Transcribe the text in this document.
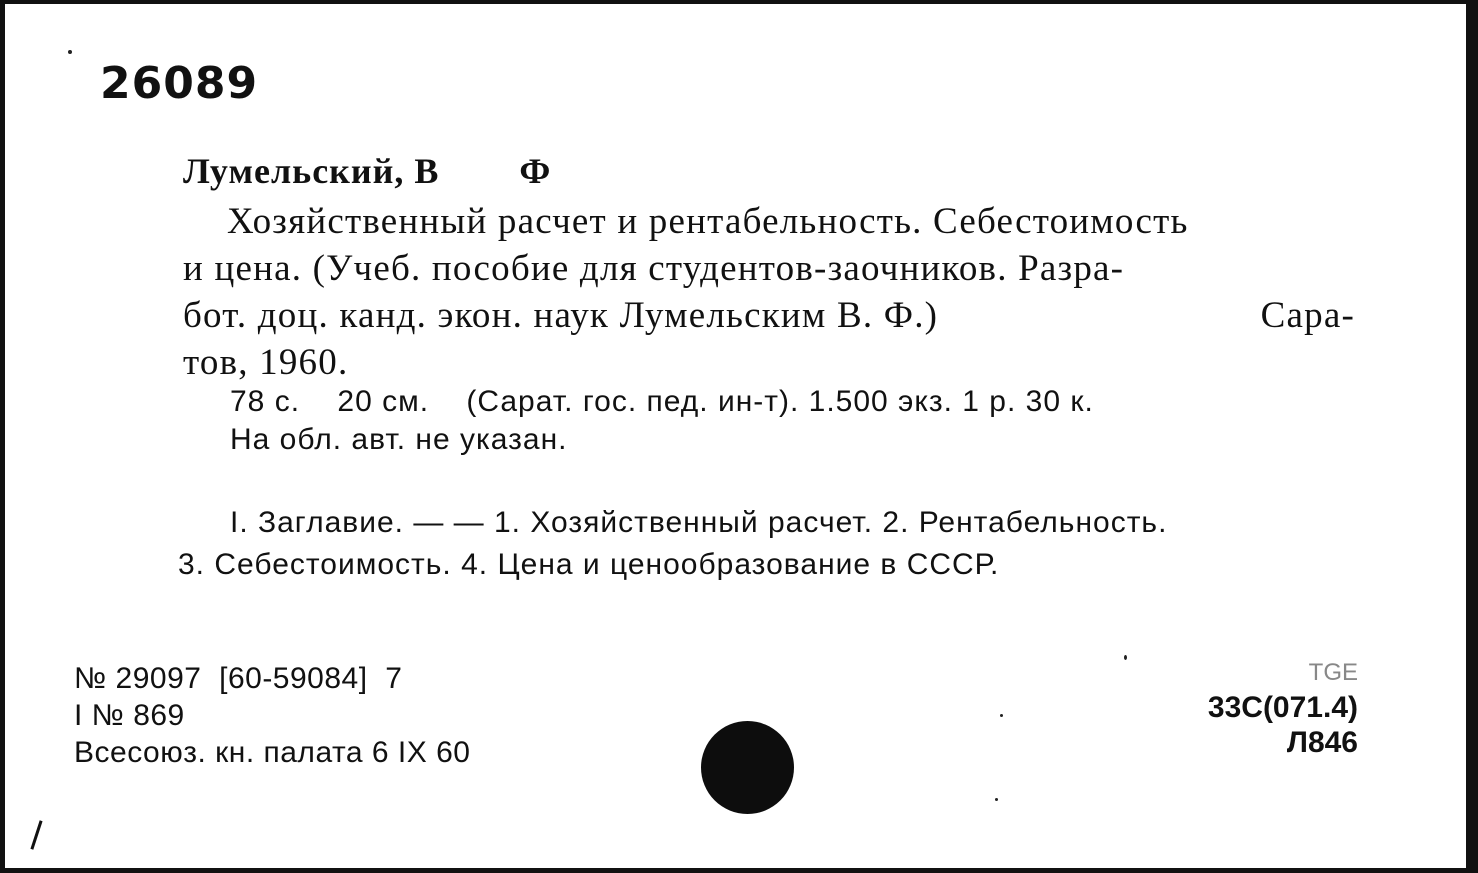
26089
Лумельский, В        Ф
Хозяйственный расчет и рентабельность. Себестоимость
и цена. (Учеб. пособие для студентов-заочников. Разра-
бот. доц. канд. экон. наук Лумельским В. Ф.)	Сара-
тов, 1960.
78 с.    20 см.    (Сарат. гос. пед. ин-т). 1.500 экз. 1 р. 30 к.
На обл. авт. не указан.
I. Заглавие. — — 1. Хозяйственный расчет. 2. Рентабельность.
3. Себестоимость. 4. Цена и ценообразование в СССР.
№ 29097  [60-59084]  7
I № 869
Всесоюз. кн. палата 6 IX 60
ТGE
33C(071.4)
Л846
